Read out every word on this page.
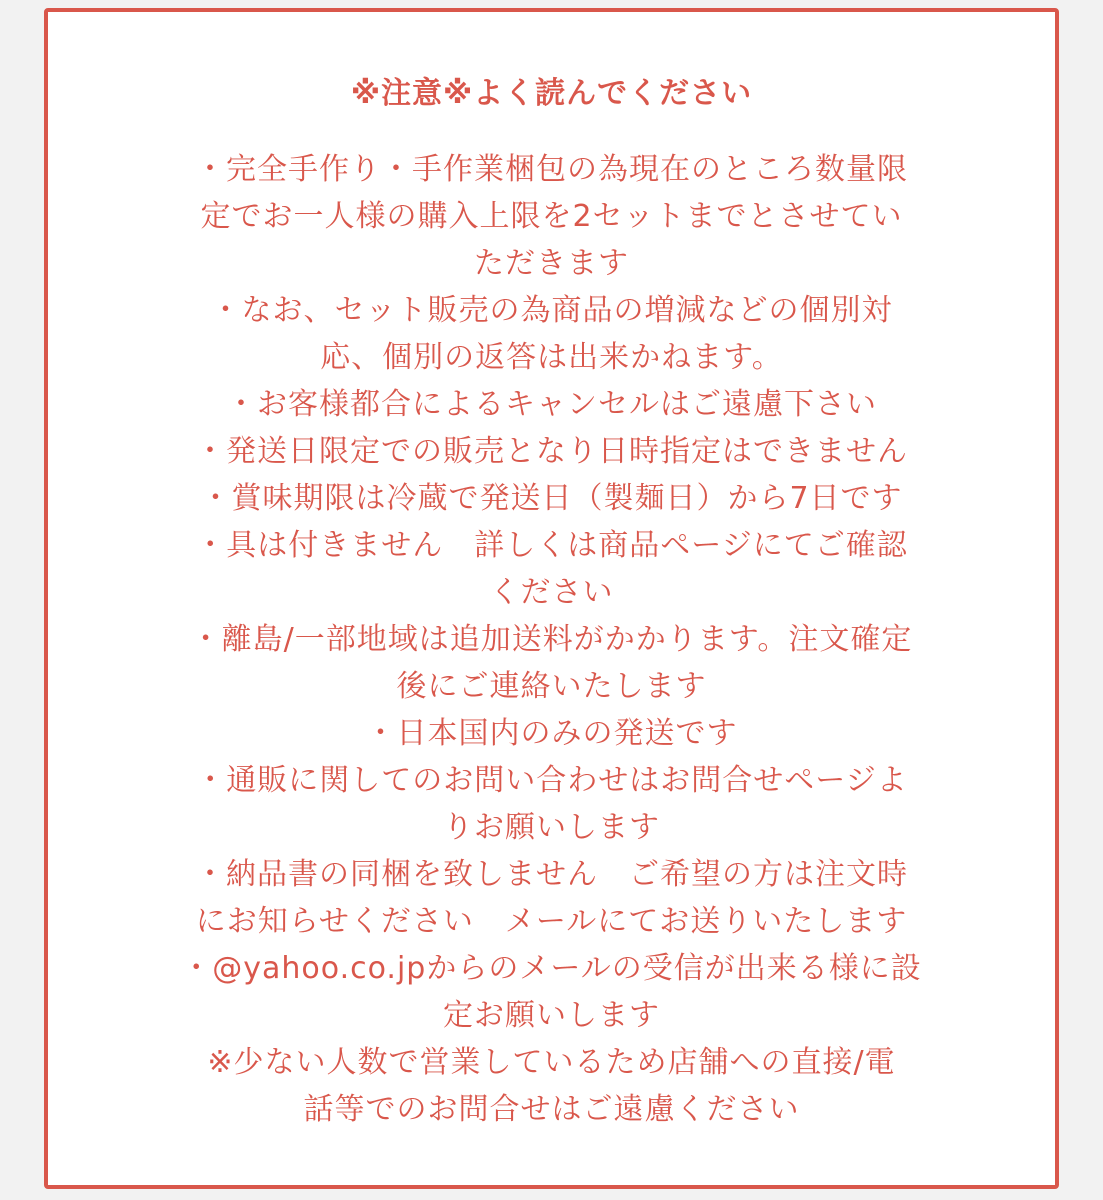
※注意※よく読んでください
・完全手作り・手作業梱包の為現在のところ数量限
定でお一人様の購入上限を2セットまでとさせてい
ただきます
・なお、セット販売の為商品の増減などの個別対
応、個別の返答は出来かねます。
・お客様都合によるキャンセルはご遠慮下さい
・発送日限定での販売となり日時指定はできません
・賞味期限は冷蔵で発送日（製麺日）から7日です
・具は付きません　詳しくは商品ページにてご確認
ください
・離島/一部地域は追加送料がかかります。注文確定
後にご連絡いたします
・日本国内のみの発送です
・通販に関してのお問い合わせはお問合せページよ
りお願いします
・納品書の同梱を致しません　ご希望の方は注文時
にお知らせください　メールにてお送りいたします
・@yahoo.co.jpからのメールの受信が出来る様に設
定お願いします
※少ない人数で営業しているため店舗への直接/電
話等でのお問合せはご遠慮ください
